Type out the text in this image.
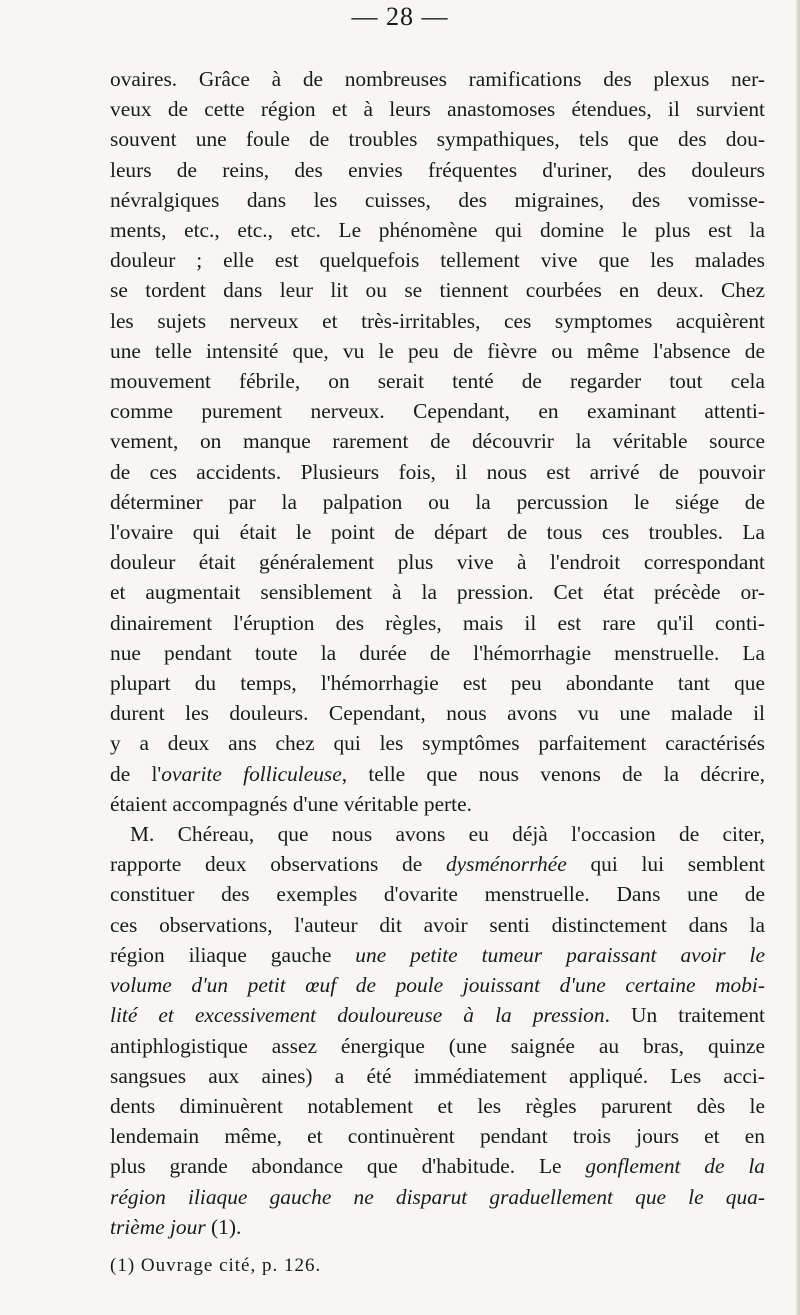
— 28 —
ovaires. Grâce à de nombreuses ramifications des plexus ner-
veux de cette région et à leurs anastomoses étendues, il survient
souvent une foule de troubles sympathiques, tels que des dou-
leurs de reins, des envies fréquentes d'uriner, des douleurs
névralgiques dans les cuisses, des migraines, des vomisse-
ments, etc., etc., etc. Le phénomène qui domine le plus est la
douleur ; elle est quelquefois tellement vive que les malades
se tordent dans leur lit ou se tiennent courbées en deux. Chez
les sujets nerveux et très-irritables, ces symptomes acquièrent
une telle intensité que, vu le peu de fièvre ou même l'absence de
mouvement fébrile, on serait tenté de regarder tout cela
comme purement nerveux. Cependant, en examinant attenti-
vement, on manque rarement de découvrir la véritable source
de ces accidents. Plusieurs fois, il nous est arrivé de pouvoir
déterminer par la palpation ou la percussion le siége de
l'ovaire qui était le point de départ de tous ces troubles. La
douleur était généralement plus vive à l'endroit correspondant
et augmentait sensiblement à la pression. Cet état précède or-
dinairement l'éruption des règles, mais il est rare qu'il conti-
nue pendant toute la durée de l'hémorrhagie menstruelle. La
plupart du temps, l'hémorrhagie est peu abondante tant que
durent les douleurs. Cependant, nous avons vu une malade il
y a deux ans chez qui les symptômes parfaitement caractérisés
de l'ovarite folliculeuse, telle que nous venons de la décrire,
étaient accompagnés d'une véritable perte.
M. Chéreau, que nous avons eu déjà l'occasion de citer,
rapporte deux observations de dysménorrhée qui lui semblent
constituer des exemples d'ovarite menstruelle. Dans une de
ces observations, l'auteur dit avoir senti distinctement dans la
région iliaque gauche une petite tumeur paraissant avoir le
volume d'un petit œuf de poule jouissant d'une certaine mobi-
lité et excessivement douloureuse à la pression. Un traitement
antiphlogistique assez énergique (une saignée au bras, quinze
sangsues aux aines) a été immédiatement appliqué. Les acci-
dents diminuèrent notablement et les règles parurent dès le
lendemain même, et continuèrent pendant trois jours et en
plus grande abondance que d'habitude. Le gonflement de la
région iliaque gauche ne disparut graduellement que le qua-
trième jour (1).
(1) Ouvrage cité, p. 126.
